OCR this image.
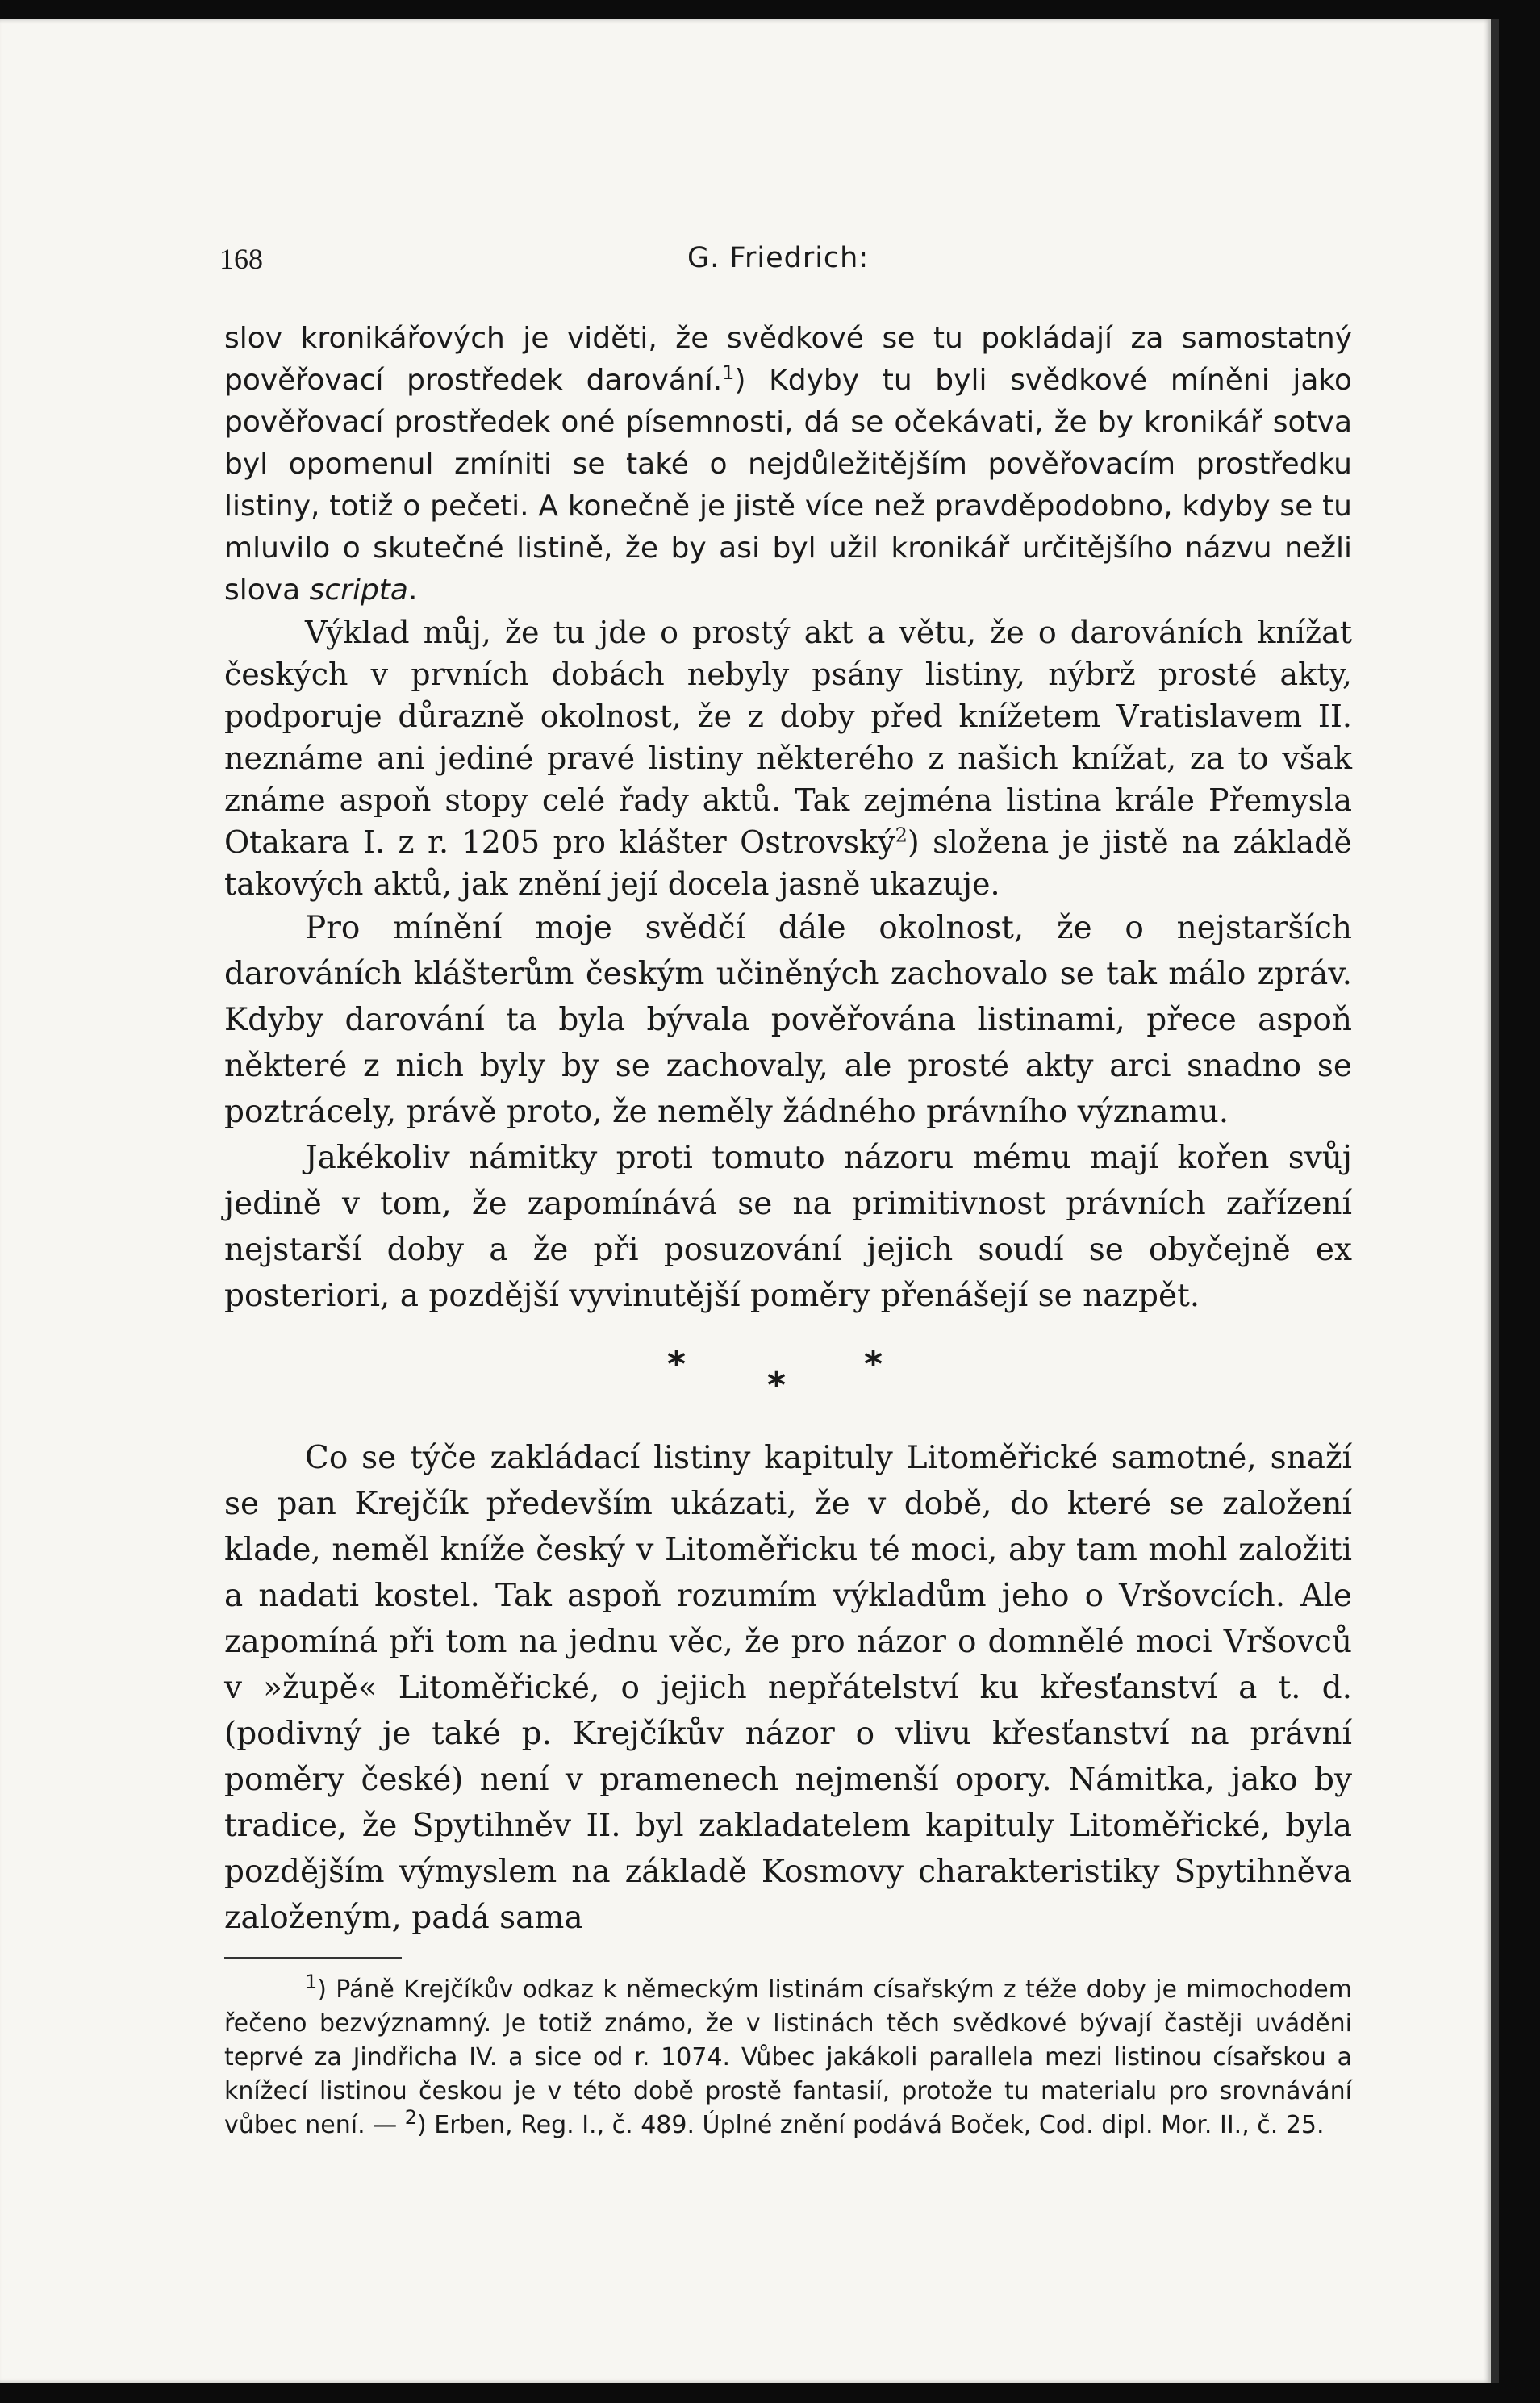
168	G. Friedrich:

slov kronikářových je viděti, že svědkové se tu pokládají za samostatný pověřovací prostředek darování.$^1$) Kdyby tu byli svědkové míněni jako pověřovací prostředek oné písemnosti, dá se očekávati, že by kronikář sotva byl opomenul zmíniti se také o nejdůležitějším pověřovacím prostředku listiny, totiž o pečeti. A konečně je jistě více než pravděpodobno, kdyby se tu mluvilo o skutečné listině, že by asi byl užil kronikář určitějšího názvu nežli slova scripta.

Výklad můj, že tu jde o prostý akt a větu, že o darováních knížat českých v prvních dobách nebyly psány listiny, nýbrž prosté akty, podporuje důrazně okolnost, že z doby před knížetem Vratislavem II. neznáme ani jediné pravé listiny některého z našich knížat, za to však známe aspoň stopy celé řady aktů. Tak zejména listina krále Přemysla Otakara I. z r. 1205 pro klášter Ostrovský$^2$) složena je jistě na základě takových aktů, jak znění její docela jasně ukazuje.

Pro mínění moje svědčí dále okolnost, že o nejstarších darováních klášterům českým učiněných zachovalo se tak málo zpráv. Kdyby darování ta byla bývala pověřována listinami, přece aspoň některé z nich byly by se zachovaly, ale prosté akty arci snadno se poztrácely, právě proto, že neměly žádného právního významu.

Jakékoliv námitky proti tomuto názoru mému mají kořen svůj jedině v tom, že zapomínává se na primitivnost právních zařízení nejstarší doby a že při posuzování jejich soudí se obyčejně ex posteriori, a pozdější vyvinutější poměry přenášejí se nazpět.

*
*
*

Co se týče zakládací listiny kapituly Litoměřické samotné, snaží se pan Krejčík především ukázati, že v době, do které se založení klade, neměl kníže český v Litoměřicku té moci, aby tam mohl založiti a nadati kostel. Tak aspoň rozumím výkladům jeho o Vršovcích. Ale zapomíná při tom na jednu věc, že pro názor o domnělé moci Vršovců v »župě« Litoměřické, o jejich nepřátelství ku křesťanství a t. d. (podivný je také p. Krejčíkův názor o vlivu křesťanství na právní poměry české) není v pramenech nejmenší opory. Námitka, jako by tradice, že Spytihněv II. byl zakladatelem kapituly Litoměřické, byla pozdějším výmyslem na základě Kosmovy charakteristiky Spytihněva založeným, padá sama

$^1$) Páně Krejčíkův odkaz k německým listinám císařským z téže doby je mimochodem řečeno bezvýznamný. Je totiž známo, že v listinách těch svědkové bývají častěji uváděni teprvé za Jindřicha IV. a sice od r. 1074. Vůbec jakákoli parallela mezi listinou císařskou a knížecí listinou českou je v této době prostě fantasií, protože tu materialu pro srovnávání vůbec není. — $^2$) Erben, Reg. I., č. 489. Úplné znění podává Boček, Cod. dipl. Mor. II., č. 25.
